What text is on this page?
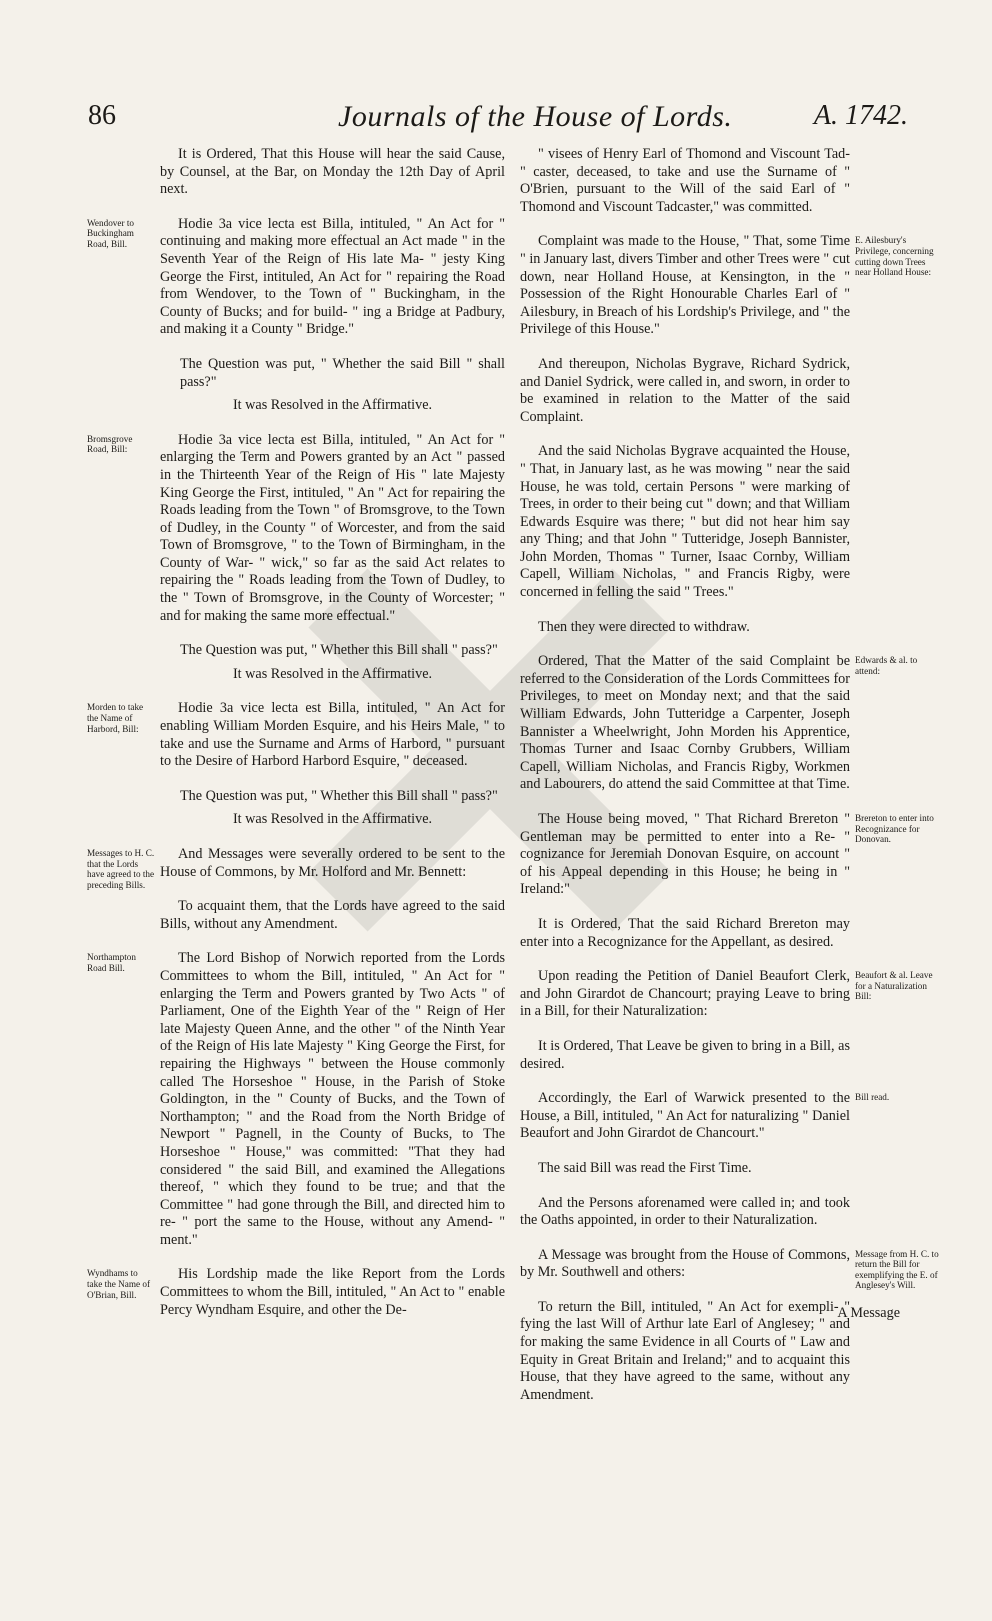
86	Journals of the House of Lords.	A. 1742.

It is Ordered, That this House will hear the said Cause, by Counsel, at the Bar, on Monday the 12th Day of April next.

Wendover to Buckingham Road, Bill.

Hodie 3a vice lecta est Billa, intituled, " An Act for " continuing and making more effectual an Act made " in the Seventh Year of the Reign of His late Ma- " jesty King George the First, intituled, An Act for " repairing the Road from Wendover, to the Town of " Buckingham, in the County of Bucks; and for build- " ing a Bridge at Padbury, and making it a County " Bridge."

The Question was put, " Whether the said Bill " shall pass?"

It was Resolved in the Affirmative.

Bromsgrove Road, Bill:

Hodie 3a vice lecta est Billa, intituled, " An Act for " enlarging the Term and Powers granted by an Act " passed in the Thirteenth Year of the Reign of His " late Majesty King George the First, intituled, " An " Act for repairing the Roads leading from the Town " of Bromsgrove, to the Town of Dudley, in the County " of Worcester, and from the said Town of Bromsgrove, " to the Town of Birmingham, in the County of War- " wick," so far as the said Act relates to repairing the " Roads leading from the Town of Dudley, to the " Town of Bromsgrove, in the County of Worcester; " and for making the same more effectual."

The Question was put, " Whether this Bill shall " pass?"

It was Resolved in the Affirmative.

Morden to take the Name of Harbord, Bill:

Hodie 3a vice lecta est Billa, intituled, " An Act for enabling William Morden Esquire, and his Heirs Male, " to take and use the Surname and Arms of Harbord, " pursuant to the Desire of Harbord Harbord Esquire, " deceased.

The Question was put, " Whether this Bill shall " pass?"

It was Resolved in the Affirmative.

Messages to H. C. that the Lords have agreed to the preceding Bills.

And Messages were severally ordered to be sent to the House of Commons, by Mr. Holford and Mr. Bennett:

To acquaint them, that the Lords have agreed to the said Bills, without any Amendment.

Northampton Road Bill.

The Lord Bishop of Norwich reported from the Lords Committees to whom the Bill, intituled, " An Act for " enlarging the Term and Powers granted by Two Acts " of Parliament, One of the Eighth Year of the " Reign of Her late Majesty Queen Anne, and the other " of the Ninth Year of the Reign of His late Majesty " King George the First, for repairing the Highways " between the House commonly called The Horseshoe " House, in the Parish of Stoke Goldington, in the " County of Bucks, and the Town of Northampton; " and the Road from the North Bridge of Newport " Pagnell, in the County of Bucks, to The Horseshoe " House," was committed: "That they had considered " the said Bill, and examined the Allegations thereof, " which they found to be true; and that the Committee " had gone through the Bill, and directed him to re- " port the same to the House, without any Amend- " ment."

Wyndhams to take the Name of O'Brian, Bill.

His Lordship made the like Report from the Lords Committees to whom the Bill, intituled, " An Act to " enable Percy Wyndham Esquire, and other the De-

" visees of Henry Earl of Thomond and Viscount Tad- " caster, deceased, to take and use the Surname of " O'Brien, pursuant to the Will of the said Earl of " Thomond and Viscount Tadcaster," was committed.

E. Ailesbury's Privilege, concerning cutting down Trees near Holland House:

Complaint was made to the House, " That, some Time " in January last, divers Timber and other Trees were " cut down, near Holland House, at Kensington, in the " Possession of the Right Honourable Charles Earl of " Ailesbury, in Breach of his Lordship's Privilege, and " the Privilege of this House."

And thereupon, Nicholas Bygrave, Richard Sydrick, and Daniel Sydrick, were called in, and sworn, in order to be examined in relation to the Matter of the said Complaint.

And the said Nicholas Bygrave acquainted the House, " That, in January last, as he was mowing " near the said House, he was told, certain Persons " were marking of Trees, in order to their being cut " down; and that William Edwards Esquire was there; " but did not hear him say any Thing; and that John " Tutteridge, Joseph Bannister, John Morden, Thomas " Turner, Isaac Cornby, William Capell, William Nicholas, " and Francis Rigby, were concerned in felling the said " Trees."

Then they were directed to withdraw.

Edwards & al. to attend:

Ordered, That the Matter of the said Complaint be referred to the Consideration of the Lords Committees for Privileges, to meet on Monday next; and that the said William Edwards, John Tutteridge a Carpenter, Joseph Bannister a Wheelwright, John Morden his Apprentice, Thomas Turner and Isaac Cornby Grubbers, William Capell, William Nicholas, and Francis Rigby, Workmen and Labourers, do attend the said Committee at that Time.

Brereton to enter into Recognizance for Donovan.

The House being moved, " That Richard Brereton " Gentleman may be permitted to enter into a Re- " cognizance for Jeremiah Donovan Esquire, on account " of his Appeal depending in this House; he being in " Ireland:"

It is Ordered, That the said Richard Brereton may enter into a Recognizance for the Appellant, as desired.

Beaufort & al. Leave for a Naturalization Bill:

Upon reading the Petition of Daniel Beaufort Clerk, and John Girardot de Chancourt; praying Leave to bring in a Bill, for their Naturalization:

It is Ordered, That Leave be given to bring in a Bill, as desired.

Bill read.

Accordingly, the Earl of Warwick presented to the House, a Bill, intituled, " An Act for naturalizing " Daniel Beaufort and John Girardot de Chancourt."

The said Bill was read the First Time.

And the Persons aforenamed were called in; and took the Oaths appointed, in order to their Naturalization.

Message from H. C. to return the Bill for exemplifying the E. of Anglesey's Will.

A Message was brought from the House of Commons, by Mr. Southwell and others:

To return the Bill, intituled, " An Act for exempli- " fying the last Will of Arthur late Earl of Anglesey; " and for making the same Evidence in all Courts of " Law and Equity in Great Britain and Ireland;" and to acquaint this House, that they have agreed to the same, without any Amendment.

A Message
